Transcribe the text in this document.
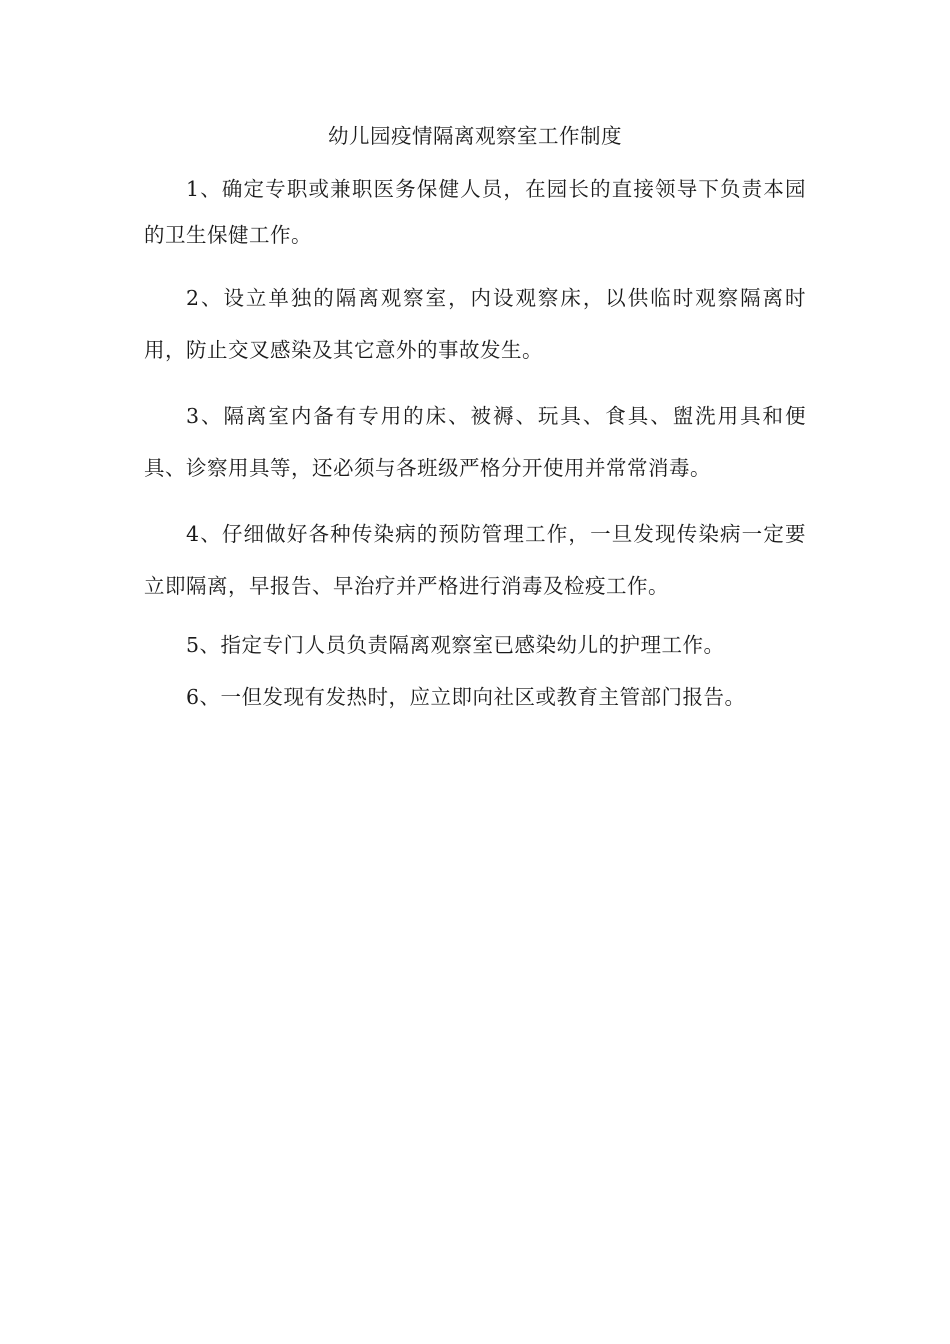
幼儿园疫情隔离观察室工作制度

1、确定专职或兼职医务保健人员，在园长的直接领导下负责本园的卫生保健工作。

2、设立单独的隔离观察室，内设观察床，以供临时观察隔离时用，防止交叉感染及其它意外的事故发生。

3、隔离室内备有专用的床、被褥、玩具、食具、盥洗用具和便具、诊察用具等，还必须与各班级严格分开使用并常常消毒。

4、仔细做好各种传染病的预防管理工作，一旦发现传染病一定要立即隔离，早报告、早治疗并严格进行消毒及检疫工作。

5、指定专门人员负责隔离观察室已感染幼儿的护理工作。

6、一但发现有发热时，应立即向社区或教育主管部门报告。
